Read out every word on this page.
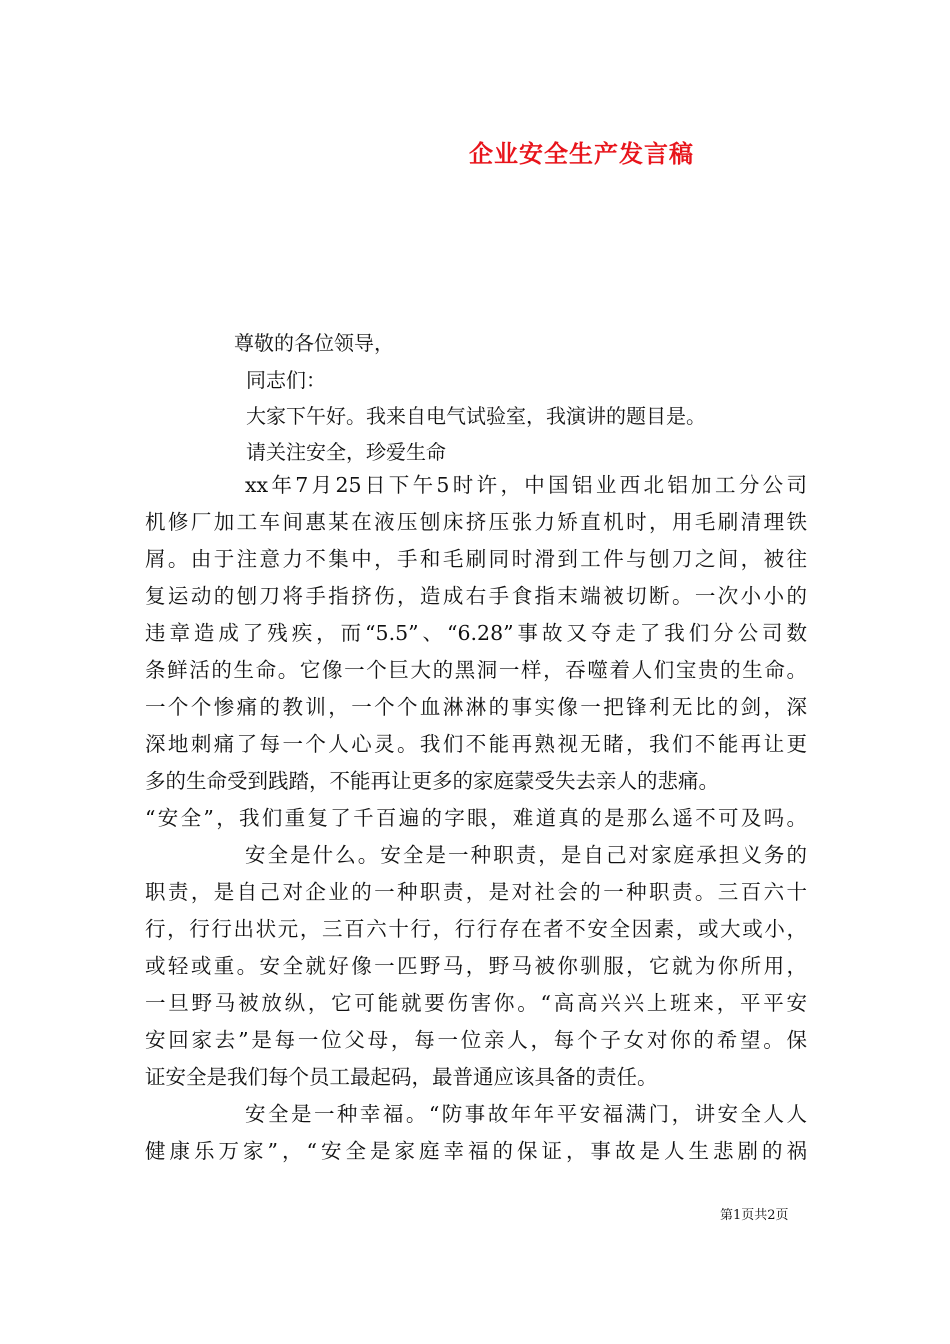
企业安全生产发言稿
尊敬的各位领导，
同志们：
大家下午好。我来自电气试验室，我演讲的题目是。
请关注安全，珍爱生命
xx年7月25日下午5时许，中国铝业西北铝加工分公司
机修厂加工车间惠某在液压刨床挤压张力矫直机时，用毛刷清理铁
屑。由于注意力不集中，手和毛刷同时滑到工件与刨刀之间，被往
复运动的刨刀将手指挤伤，造成右手食指末端被切断。一次小小的
违章造成了残疾，而“5.5”、“6.28”事故又夺走了我们分公司数
条鲜活的生命。它像一个巨大的黑洞一样，吞噬着人们宝贵的生命。
一个个惨痛的教训，一个个血淋淋的事实像一把锋利无比的剑，深
深地刺痛了每一个人心灵。我们不能再熟视无睹，我们不能再让更
多的生命受到践踏，不能再让更多的家庭蒙受失去亲人的悲痛。
“安全”，我们重复了千百遍的字眼，难道真的是那么遥不可及吗。
安全是什么。安全是一种职责，是自己对家庭承担义务的
职责，是自己对企业的一种职责，是对社会的一种职责。三百六十
行，行行出状元，三百六十行，行行存在者不安全因素，或大或小，
或轻或重。安全就好像一匹野马，野马被你驯服，它就为你所用，
一旦野马被放纵，它可能就要伤害你。“高高兴兴上班来，平平安
安回家去”是每一位父母，每一位亲人，每个子女对你的希望。保
证安全是我们每个员工最起码，最普通应该具备的责任。
安全是一种幸福。“防事故年年平安福满门，讲安全人人
健康乐万家”，“安全是家庭幸福的保证，事故是人生悲剧的祸
第1页共2页
